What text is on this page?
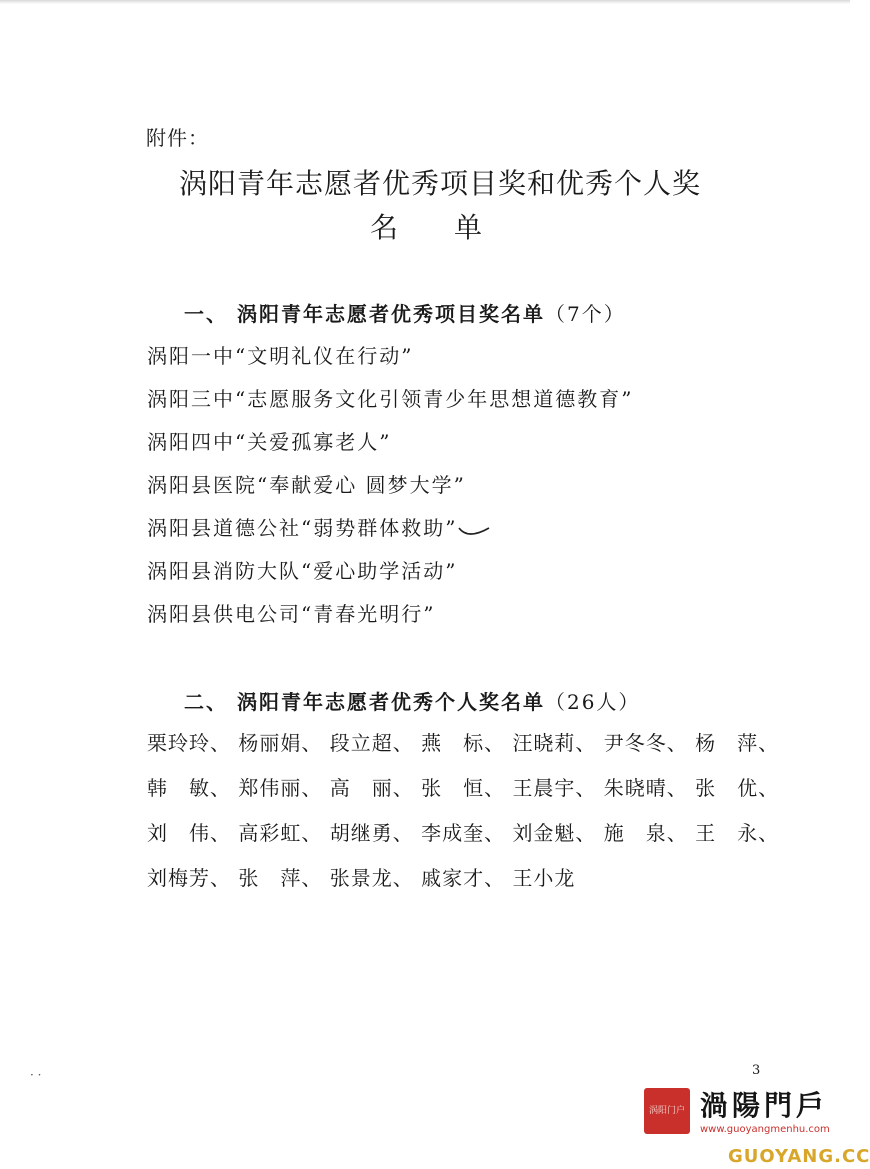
附件：
涡阳青年志愿者优秀项目奖和优秀个人奖
名单
一、 涡阳青年志愿者优秀项目奖名单（7个）
涡阳一中“文明礼仪在行动”
涡阳三中“志愿服务文化引领青少年思想道德教育”
涡阳四中“关爱孤寡老人”
涡阳县医院“奉献爱心 圆梦大学”
涡阳县道德公社“弱势群体救助”
涡阳县消防大队“爱心助学活动”
涡阳县供电公司“青春光明行”
二、 涡阳青年志愿者优秀个人奖名单（26人）
栗玲玲、 杨丽娟、 段立超、 燕　标、 汪晓莉、 尹冬冬、 杨　萍、
韩　敏、 郑伟丽、 高　丽、 张　恒、 王晨宇、 朱晓晴、 张　优、
刘　伟、 高彩虹、 胡继勇、 李成奎、 刘金魁、 施　泉、 王　永、
刘梅芳、 张　萍、 张景龙、 戚家才、 王小龙
· ·	3
涡阳门户 渦陽門戶
www.guoyangmenhu.com
GUOYANG.CC
